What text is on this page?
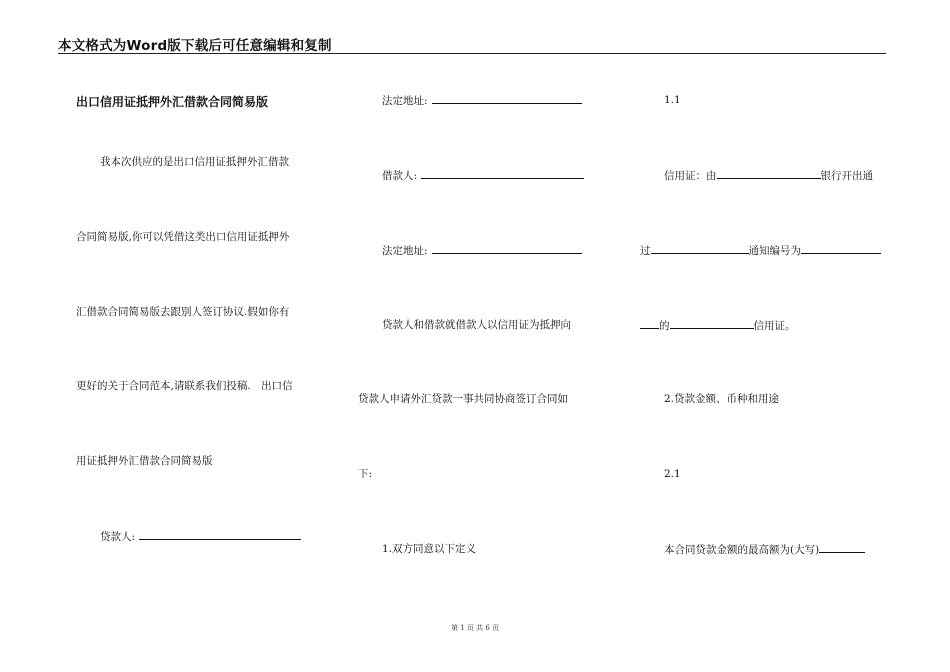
本文格式为Word版下载后可任意编辑和复制
出口信用证抵押外汇借款合同简易版
我本次供应的是出口信用证抵押外汇借款
合同简易版,你可以凭借这类出口信用证抵押外
汇借款合同简易版去跟别人签订协议.假如你有
更好的关于合同范本,请联系我们投稿.　出口信
用证抵押外汇借款合同简易版
贷款人:
法定地址:
借款人:
法定地址:
贷款人和借款就借款人以信用证为抵押向
贷款人申请外汇贷款一事共同协商签订合同如
下:
1.双方同意以下定义
1.1
信用证：由	银行开出通
过	通知编号为
的	信用证。
2.贷款金额、币种和用途
2.1
本合同贷款金额的最高额为(大写)
第 1 页 共 6 页
